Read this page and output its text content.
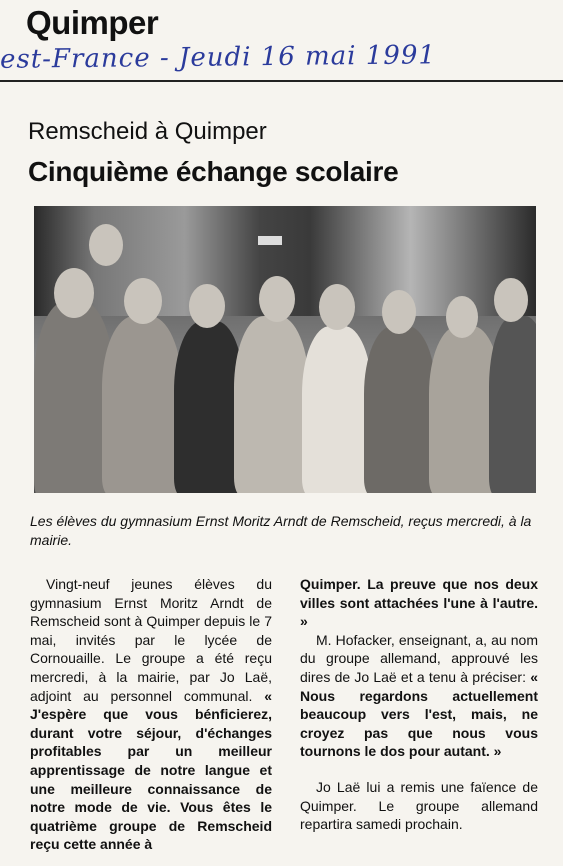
Quimper
est-France - Jeudi 16 mai 1991
Remscheid à Quimper
Cinquième échange scolaire
Les élèves du gymnasium Ernst Moritz Arndt de Remscheid, reçus mercredi, à la mairie.

Vingt-neuf jeunes élèves du gymnasium Ernst Moritz Arndt de Remscheid sont à Quimper depuis le 7 mai, invités par le lycée de Cornouaille. Le groupe a été reçu mercredi, à la mairie, par Jo Laë, adjoint au personnel communal. « J'espère que vous bénficierez, durant votre séjour, d'échanges profitables par un meilleur apprentissage de notre langue et une meilleure connaissance de notre mode de vie. Vous êtes le quatrième groupe de Remscheid reçu cette année à

Quimper. La preuve que nos deux villes sont attachées l'une à l'autre. »

M. Hofacker, enseignant, a, au nom du groupe allemand, approuvé les dires de Jo Laë et a tenu à préciser: « Nous regardons actuellement beaucoup vers l'est, mais, ne croyez pas que nous vous tournons le dos pour autant. »

Jo Laë lui a remis une faïence de Quimper. Le groupe allemand repartira samedi prochain.
